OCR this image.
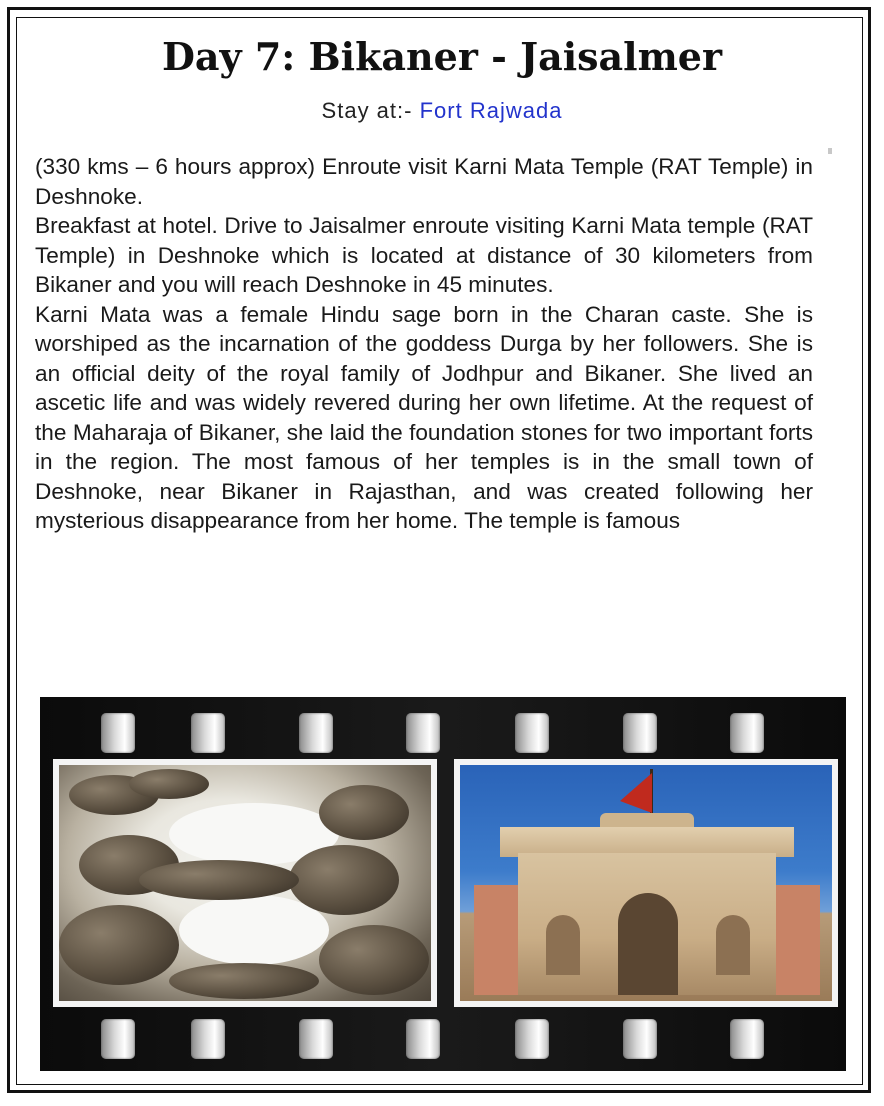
Day 7: Bikaner - Jaisalmer
Stay at:- Fort Rajwada

(330 kms – 6 hours approx) Enroute visit Karni Mata Temple (RAT Temple) in Deshnoke.

Breakfast at hotel. Drive to Jaisalmer enroute visiting Karni Mata temple (RAT Temple) in Deshnoke which is located at distance of 30 kilometers from Bikaner and you will reach Deshnoke in 45 minutes.

Karni Mata was a female Hindu sage born in the Charan caste. She is worshiped as the incarnation of the goddess Durga by her followers. She is an official deity of the royal family of Jodhpur and Bikaner. She lived an ascetic life and was widely revered during her own lifetime. At the request of the Maharaja of Bikaner, she laid the foundation stones for two important forts in the region. The most famous of her temples is in the small town of Deshnoke, near Bikaner in Rajasthan, and was created following her mysterious disappearance from her home. The temple is famous
